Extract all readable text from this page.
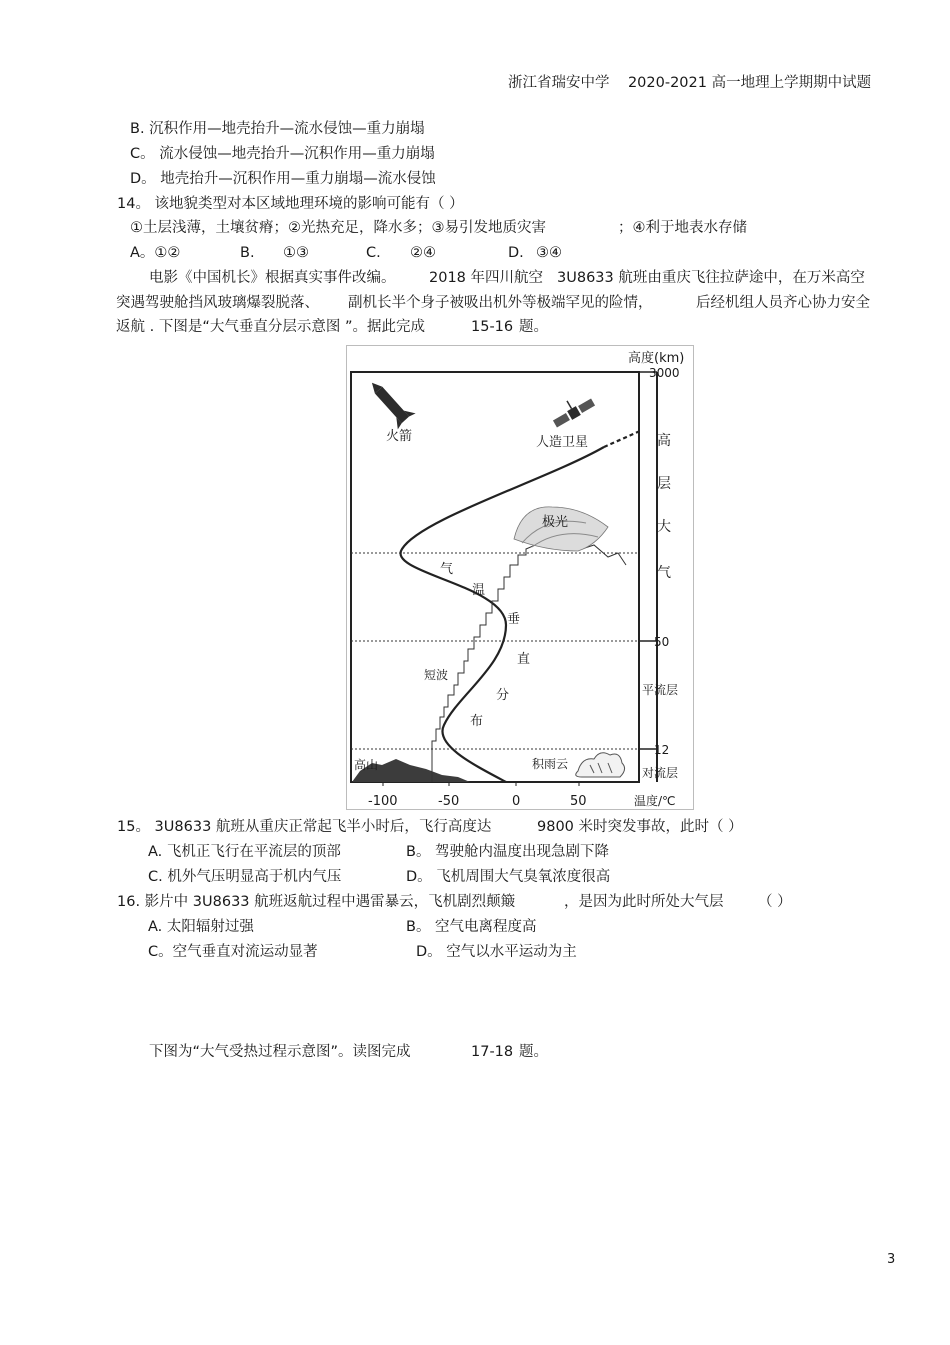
浙江省瑞安中学 2020-2021 高一地理上学期期中试题
B. 沉积作用—地壳抬升—流水侵蚀—重力崩塌
C。 流水侵蚀—地壳抬升—沉积作用—重力崩塌
D。 地壳抬升—沉积作用—重力崩塌—流水侵蚀
14。 该地貌类型对本区域地理环境的影响可能有（ ）
①土层浅薄，土壤贫瘠；②光热充足，降水多；③易引发地质灾害	；④利于地表水存储
A。①②	B. ①③	C. ②④	D. ③④
电影《中国机长》根据真实事件改编。 2018 年四川航空 3U8633 航班由重庆飞往拉萨途中，在万米高空
突遇驾驶舱挡风玻璃爆裂脱落、 副机长半个身子被吸出机外等极端罕见的险情，	后经机组人员齐心协力安全
返航 . 下图是“大气垂直分层示意图 ”。据此完成	15-16 题。
高度(km)
3000
50
12
高
层
大
气
平流层
对流层
-100	-50	0	50	温度/℃
高山	积雨云
气
温
垂
直
分
布
短波
极光
火箭	人造卫星
15。 3U8633 航班从重庆正常起飞半小时后，飞行高度达	9800 米时突发事故，此时（ ）
A. 飞机正飞行在平流层的顶部	B。 驾驶舱内温度出现急剧下降
C. 机外气压明显高于机内气压	D。 飞机周围大气臭氧浓度很高
16. 影片中 3U8633 航班返航过程中遇雷暴云，飞机剧烈颠簸	，是因为此时所处大气层 （ ）
A. 太阳辐射过强	B。 空气电离程度高
C。空气垂直对流运动显著	D。 空气以水平运动为主
下图为“大气受热过程示意图”。读图完成	17-18 题。
3
